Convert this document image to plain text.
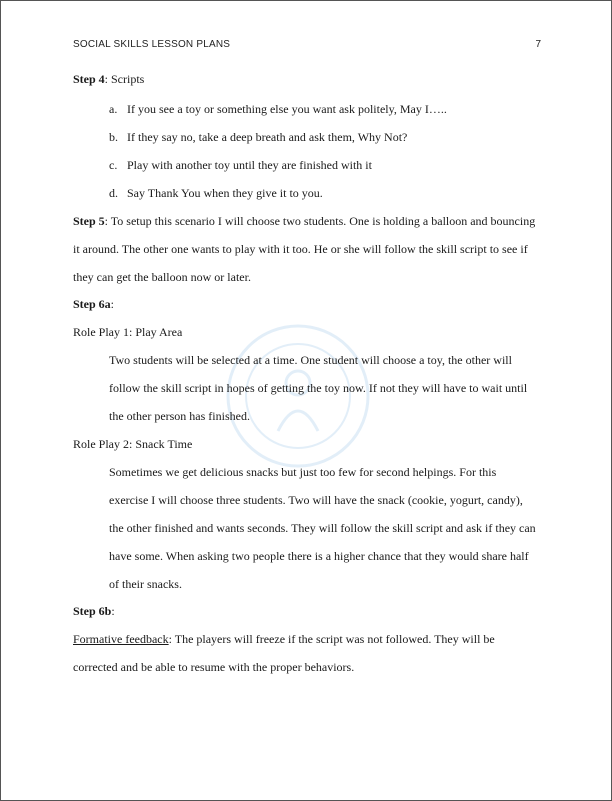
SOCIAL SKILLS LESSON PLANS	7
Step 4: Scripts
a. If you see a toy or something else you want ask politely, May I…..
b. If they say no, take a deep breath and ask them, Why Not?
c. Play with another toy until they are finished with it
d. Say Thank You when they give it to you.
Step 5: To setup this scenario I will choose two students. One is holding a balloon and bouncing
it around. The other one wants to play with it too. He or she will follow the skill script to see if
they can get the balloon now or later.
Step 6a:
Role Play 1: Play Area
Two students will be selected at a time. One student will choose a toy, the other will
follow the skill script in hopes of getting the toy now. If not they will have to wait until
the other person has finished.
Role Play 2: Snack Time
Sometimes we get delicious snacks but just too few for second helpings. For this
exercise I will choose three students. Two will have the snack (cookie, yogurt, candy),
the other finished and wants seconds. They will follow the skill script and ask if they can
have some. When asking two people there is a higher chance that they would share half
of their snacks.
Step 6b:
Formative feedback: The players will freeze if the script was not followed. They will be
corrected and be able to resume with the proper behaviors.
